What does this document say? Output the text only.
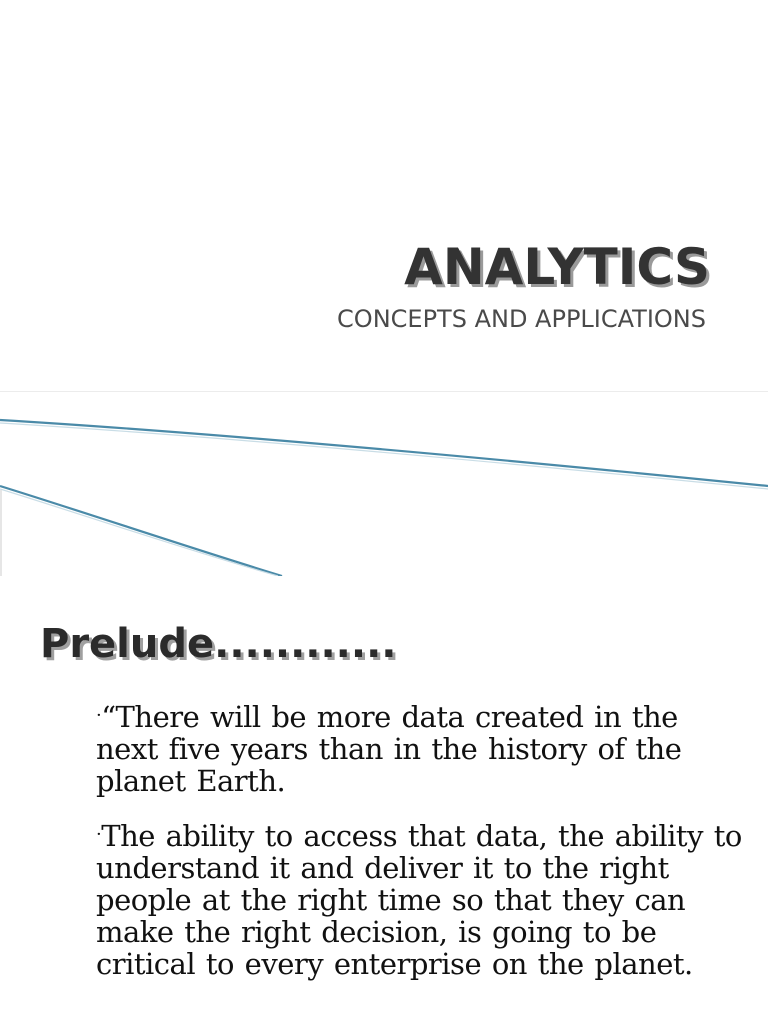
ANALYTICS
CONCEPTS AND APPLICATIONS
Prelude............
·“There will be more data created in the next five years than in the history of the planet Earth.
·The ability to access that data, the ability to understand it and deliver it to the right people at the right time so that they can make the right decision, is going to be critical to every enterprise on the planet.
